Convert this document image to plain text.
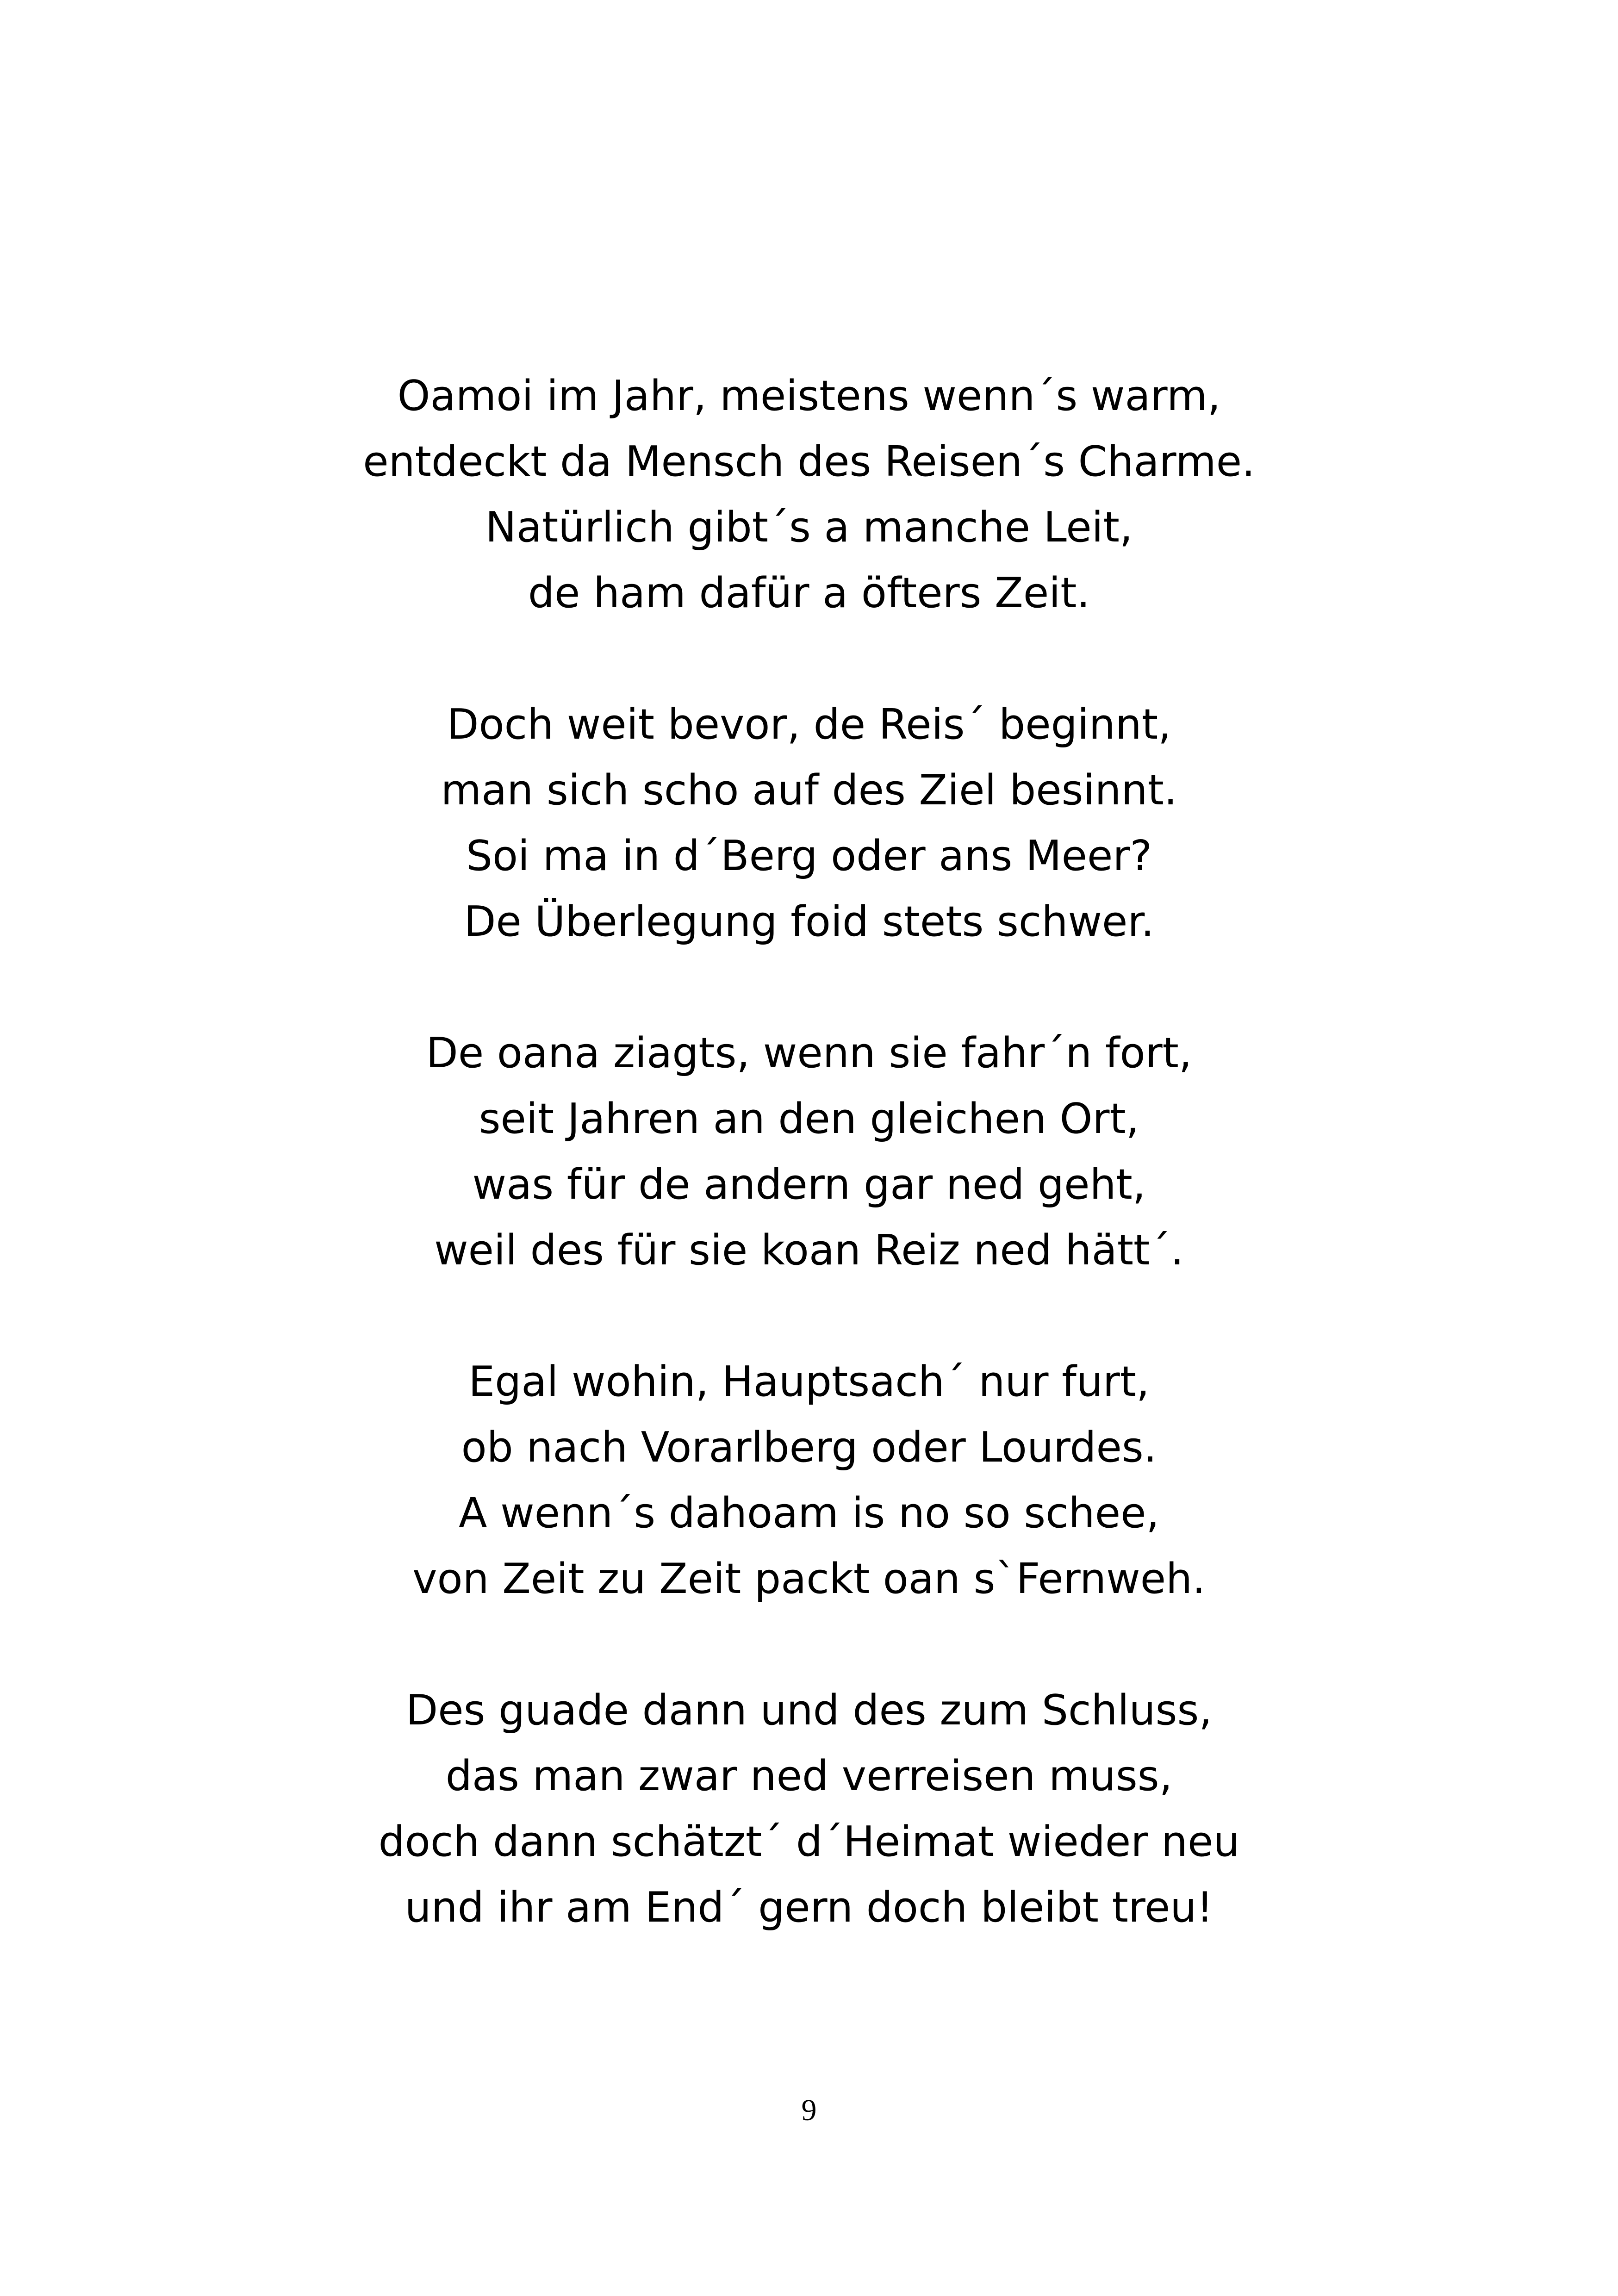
Oamoi im Jahr, meistens wenn´s warm,
entdeckt da Mensch des Reisen´s Charme.
Natürlich gibt´s a manche Leit,
de ham dafür a öfters Zeit.
Doch weit bevor, de Reis´ beginnt,
man sich scho auf des Ziel besinnt.
Soi ma in d´Berg oder ans Meer?
De Überlegung foid stets schwer.
De oana ziagts, wenn sie fahr´n fort,
seit Jahren an den gleichen Ort,
was für de andern gar ned geht,
weil des für sie koan Reiz ned hätt´.
Egal wohin, Hauptsach´ nur furt,
ob nach Vorarlberg oder Lourdes.
A wenn´s dahoam is no so schee,
von Zeit zu Zeit packt oan s`Fernweh.
Des guade dann und des zum Schluss,
das man zwar ned verreisen muss,
doch dann schätzt´ d´Heimat wieder neu
und ihr am End´ gern doch bleibt treu!
9
